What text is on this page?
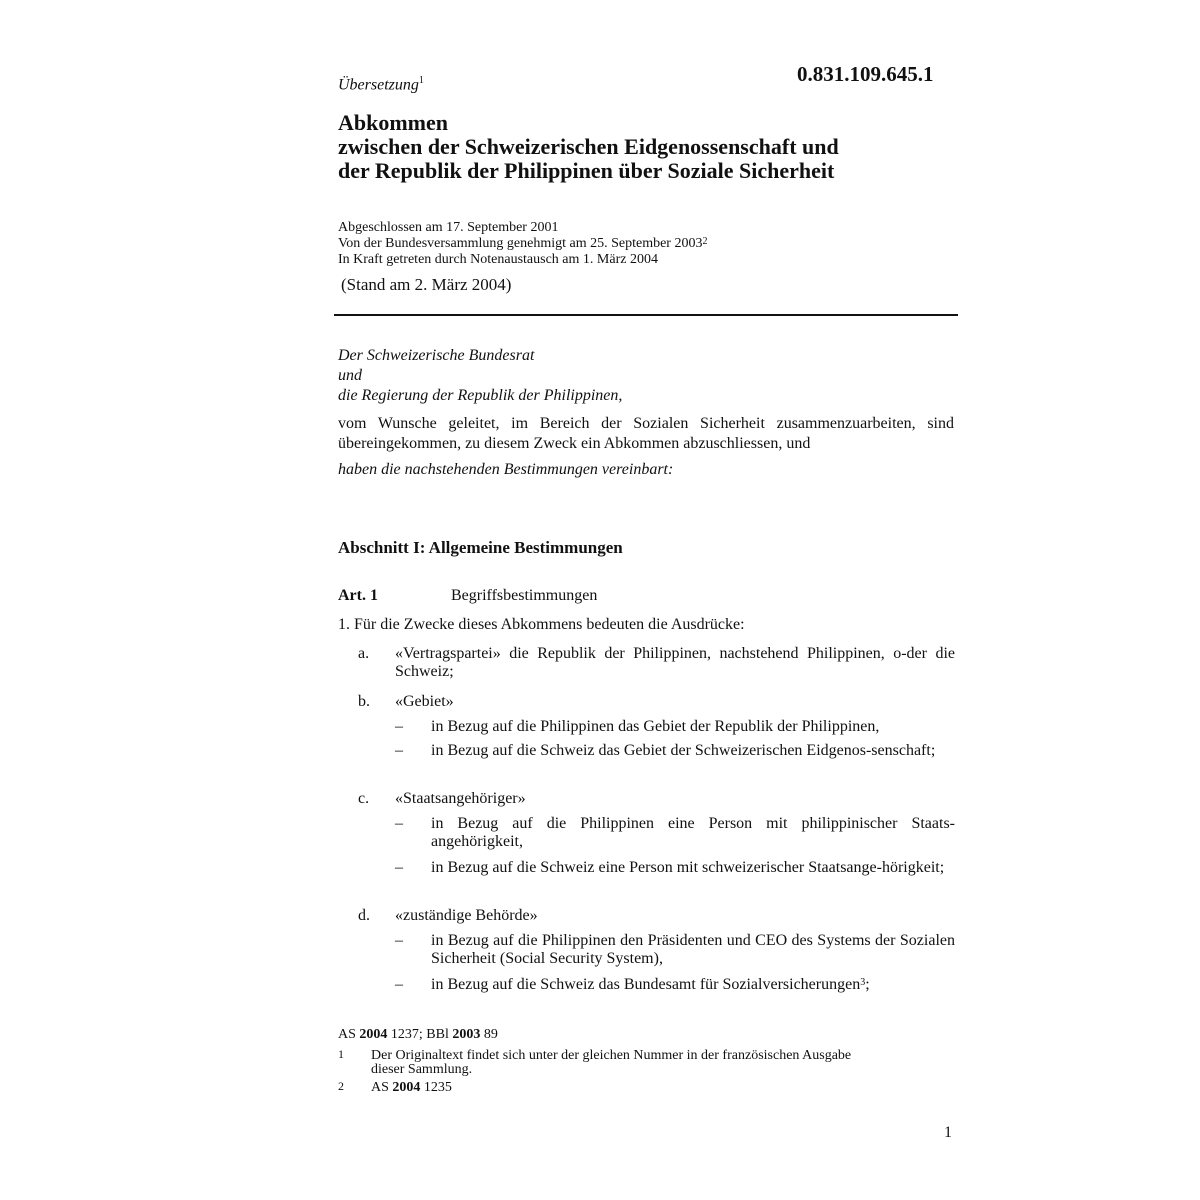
Übersetzung$^1$	0.831.109.645.1
Abkommen
zwischen der Schweizerischen Eidgenossenschaft und
der Republik der Philippinen über Soziale Sicherheit
Abgeschlossen am 17. September 2001
Von der Bundesversammlung genehmigt am 25. September 2003$^2$
In Kraft getreten durch Notenaustausch am 1. März 2004
(Stand am 2. März 2004)
Der Schweizerische Bundesrat
und
die Regierung der Republik der Philippinen,
vom Wunsche geleitet, im Bereich der Sozialen Sicherheit zusammenzuarbeiten, sind übereingekommen, zu diesem Zweck ein Abkommen abzuschliessen, und
haben die nachstehenden Bestimmungen vereinbart:
Abschnitt I: Allgemeine Bestimmungen
Art. 1	Begriffsbestimmungen
1. Für die Zwecke dieses Abkommens bedeuten die Ausdrücke:
a. «Vertragspartei» die Republik der Philippinen, nachstehend Philippinen, o-der die Schweiz;
b. «Gebiet»
– in Bezug auf die Philippinen das Gebiet der Republik der Philippinen,
– in Bezug auf die Schweiz das Gebiet der Schweizerischen Eidgenos-senschaft;
c. «Staatsangehöriger»
– in Bezug auf die Philippinen eine Person mit philippinischer Staats-angehörigkeit,
– in Bezug auf die Schweiz eine Person mit schweizerischer Staatsange-hörigkeit;
d. «zuständige Behörde»
– in Bezug auf die Philippinen den Präsidenten und CEO des Systems der Sozialen Sicherheit (Social Security System),
– in Bezug auf die Schweiz das Bundesamt für Sozialversicherungen$^3$;
AS 2004 1237; BBl 2003 89
1 Der Originaltext findet sich unter der gleichen Nummer in der französischen Ausgabe
dieser Sammlung.
2 AS 2004 1235
1
